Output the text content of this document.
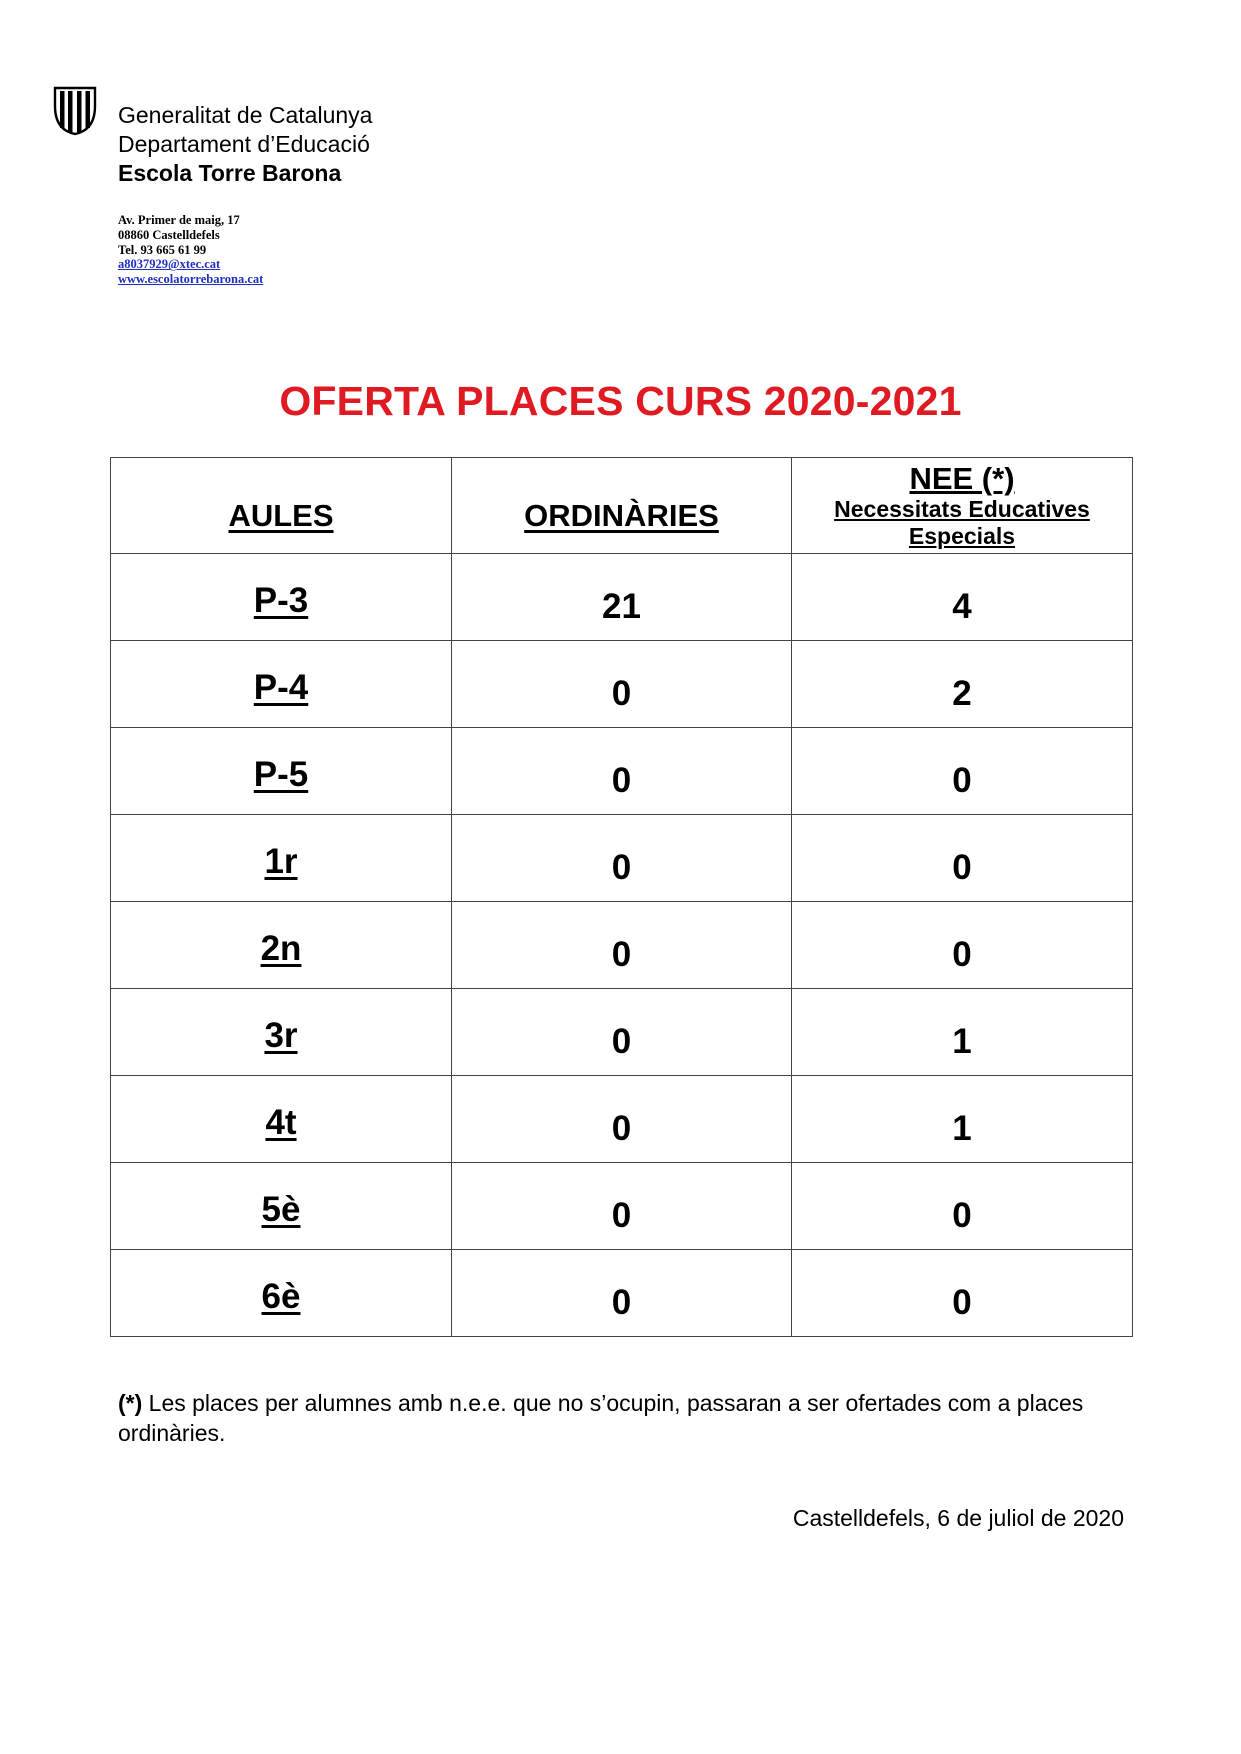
Generalitat de Catalunya
Departament d’Educació
Escola Torre Barona
Av. Primer de maig, 17
08860 Castelldefels
Tel. 93 665 61 99
a8037929@xtec.cat
www.escolatorrebarona.cat
OFERTA PLACES CURS 2020-2021
AULES	ORDINÀRIES	NEE (*)
Necessitats Educatives
Especials

P-3	21	4
P-4	0	2
P-5	0	0
1r	0	0
2n	0	0
3r	0	1
4t	0	1
5è	0	0
6è	0	0
(*) Les places per alumnes amb n.e.e. que no s’ocupin, passaran a ser ofertades com a places ordinàries.
Castelldefels, 6 de juliol de 2020
